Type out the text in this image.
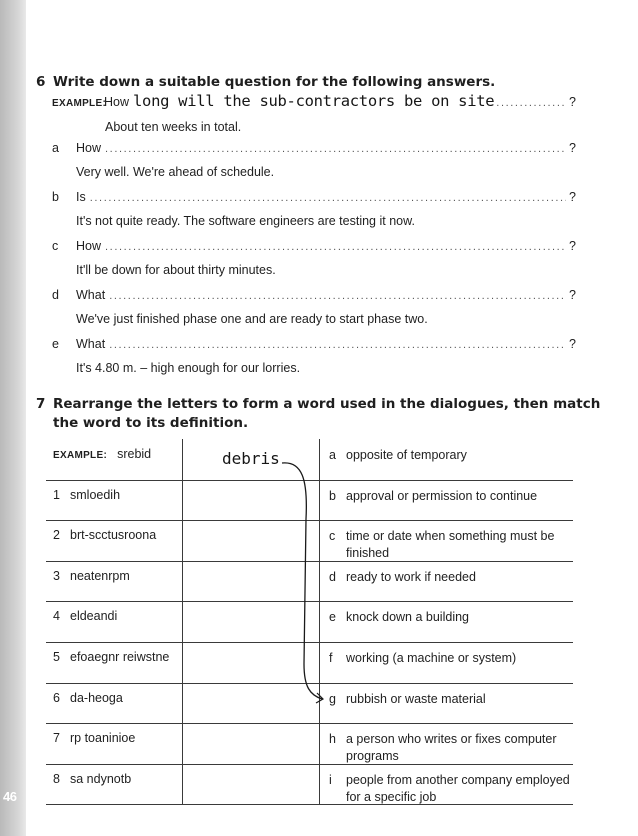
46
6 Write down a suitable question for the following answers.
EXAMPLE:
How long will the sub-contractors be on site .....	?
About ten weeks in total.
a	How .....	?
Very well. We're ahead of schedule.
b	Is .....	?
It's not quite ready. The software engineers are testing it now.
c	How .....	?
It'll be down for about thirty minutes.
d	What .....	?
We've just finished phase one and are ready to start phase two.
e	What .....	?
It's 4.80 m. – high enough for our lorries.
7 Rearrange the letters to form a word used in the dialogues, then match
the word to its definition.
EXAMPLE: srebid	a opposite of temporary
1 smloedih	b approval or permission to continue
2 brt-scctusroona	c time or date when something must be finished
3 neatenrpm	d ready to work if needed
4 eldeandi	e knock down a building
5 efoaegnr reiwstne	f working (a machine or system)
6 da-heoga	g rubbish or waste material
7 rp toaninioe	h a person who writes or fixes computer programs
8 sa ndynotb	i people from another company employed for a specific job
debris
